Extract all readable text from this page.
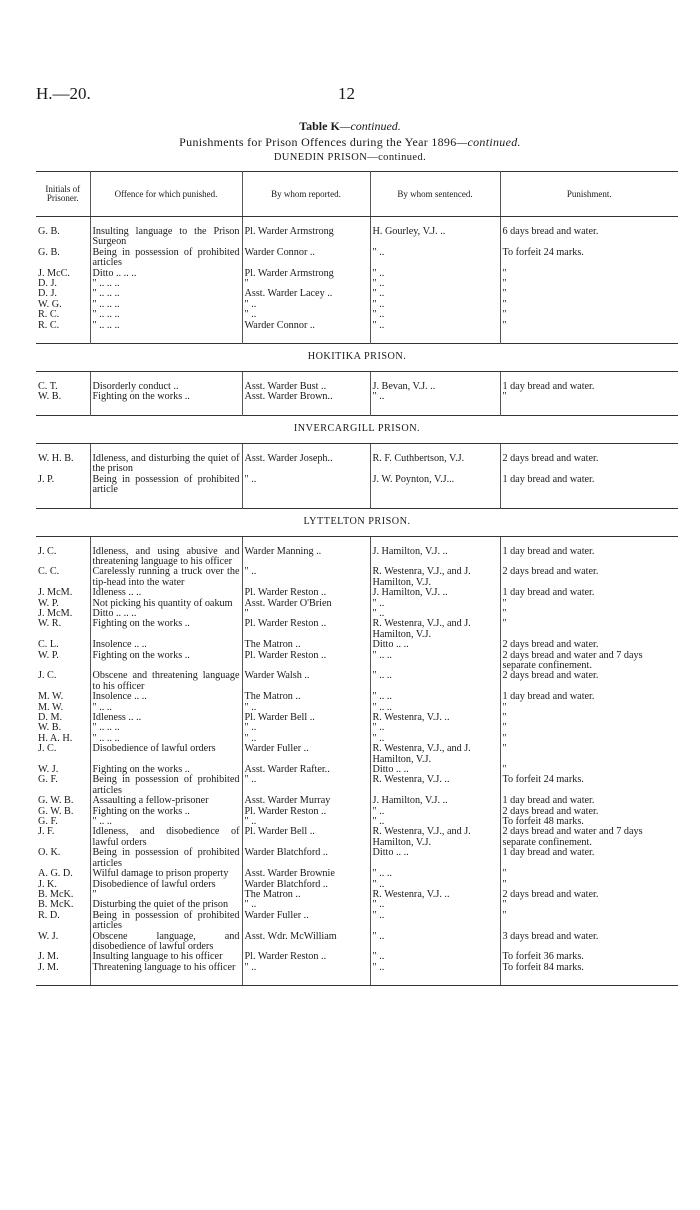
H.—20.	12
Table K—continued.
Punishments for Prison Offences during the Year 1896—continued.
DUNEDIN PRISON—continued.
Initials of Prisoner.	Offence for which punished.	By whom reported.	By whom sentenced.	Punishment.

G. B.	Insulting language to the Prison Surgeon	Pl. Warder Armstrong	H. Gourley, V.J. ..	6 days bread and water.
G. B.	Being in possession of prohibited articles	Warder Connor ..	" ..	To forfeit 24 marks.
J. McC.	Ditto .. .. ..	Pl. Warder Armstrong	" ..	"
D. J.	" .. .. ..	"	" ..	"
D. J.	" .. .. ..	Asst. Warder Lacey ..	" ..	"
W. G.	" .. .. ..	" ..	" ..	"
R. C.	" .. .. ..	" ..	" ..	"
R. C.	" .. .. ..	Warder Connor ..	" ..	"

HOKITIKA PRISON.				

C. T.	Disorderly conduct ..	Asst. Warder Bust ..	J. Bevan, V.J. ..	1 day bread and water.
W. B.	Fighting on the works ..	Asst. Warder Brown..	" ..	"

INVERCARGILL PRISON.				

W. H. B.	Idleness, and disturbing the quiet of the prison	Asst. Warder Joseph..	R. F. Cuthbertson, V.J.	2 days bread and water.
J. P.	Being in possession of prohibited article	" ..	J. W. Poynton, V.J...	1 day bread and water.

LYTTELTON PRISON.				

J. C.	Idleness, and using abusive and threatening language to his officer	Warder Manning ..	J. Hamilton, V.J. ..	1 day bread and water.
C. C.	Carelessly running a truck over the tip-head into the water	" ..	R. Westenra, V.J., and J. Hamilton, V.J.	2 days bread and water.
J. McM.	Idleness .. ..	Pl. Warder Reston ..	J. Hamilton, V.J. ..	1 day bread and water.
W. P.	Not picking his quantity of oakum	Asst. Warder O'Brien	" ..	"
J. McM.	Ditto .. .. ..	"	" ..	"
W. R.	Fighting on the works ..	Pl. Warder Reston ..	R. Westenra, V.J., and J. Hamilton, V.J.	"
C. L.	Insolence .. ..	The Matron ..	Ditto .. ..	2 days bread and water.
W. P.	Fighting on the works ..	Pl. Warder Reston ..	" .. ..	2 days bread and water and 7 days separate confinement.
J. C.	Obscene and threatening language to his officer	Warder Walsh ..	" .. ..	2 days bread and water.
M. W.	Insolence .. ..	The Matron ..	" .. ..	1 day bread and water.
M. W.	" .. ..	" ..	" .. ..	"
D. M.	Idleness .. ..	Pl. Warder Bell ..	R. Westenra, V.J. ..	"
W. B.	" .. .. ..	" ..	" ..	"
H. A. H.	" .. .. ..	" ..	" ..	"
J. C.	Disobedience of lawful orders	Warder Fuller ..	R. Westenra, V.J., and J. Hamilton, V.J.	"
W. J.	Fighting on the works ..	Asst. Warder Rafter..	Ditto .. ..	"
G. F.	Being in possession of prohibited articles	" ..	R. Westenra, V.J. ..	To forfeit 24 marks.
G. W. B.	Assaulting a fellow-prisoner	Asst. Warder Murray	J. Hamilton, V.J. ..	1 day bread and water.
G. W. B.	Fighting on the works ..	Pl. Warder Reston ..	" ..	2 days bread and water.
G. F.	" .. ..	" ..	" ..	To forfeit 48 marks.
J. F.	Idleness, and disobedience of lawful orders	Pl. Warder Bell ..	R. Westenra, V.J., and J. Hamilton, V.J.	2 days bread and water and 7 days separate confinement.
O. K.	Being in possession of prohibited articles	Warder Blatchford ..	Ditto .. ..	1 day bread and water.
A. G. D.	Wilful damage to prison property	Asst. Warder Brownie	" .. ..	"
J. K.	Disobedience of lawful orders	Warder Blatchford ..	" ..	"
B. McK.	"	The Matron ..	R. Westenra, V.J. ..	2 days bread and water.
B. McK.	Disturbing the quiet of the prison	" ..	" ..	"
R. D.	Being in possession of prohibited articles	Warder Fuller ..	" ..	"
W. J.	Obscene language, and disobedience of lawful orders	Asst. Wdr. McWilliam	" ..	3 days bread and water.
J. M.	Insulting language to his officer	Pl. Warder Reston ..	" ..	To forfeit 36 marks.
J. M.	Threatening language to his officer	" ..	" ..	To forfeit 84 marks.
